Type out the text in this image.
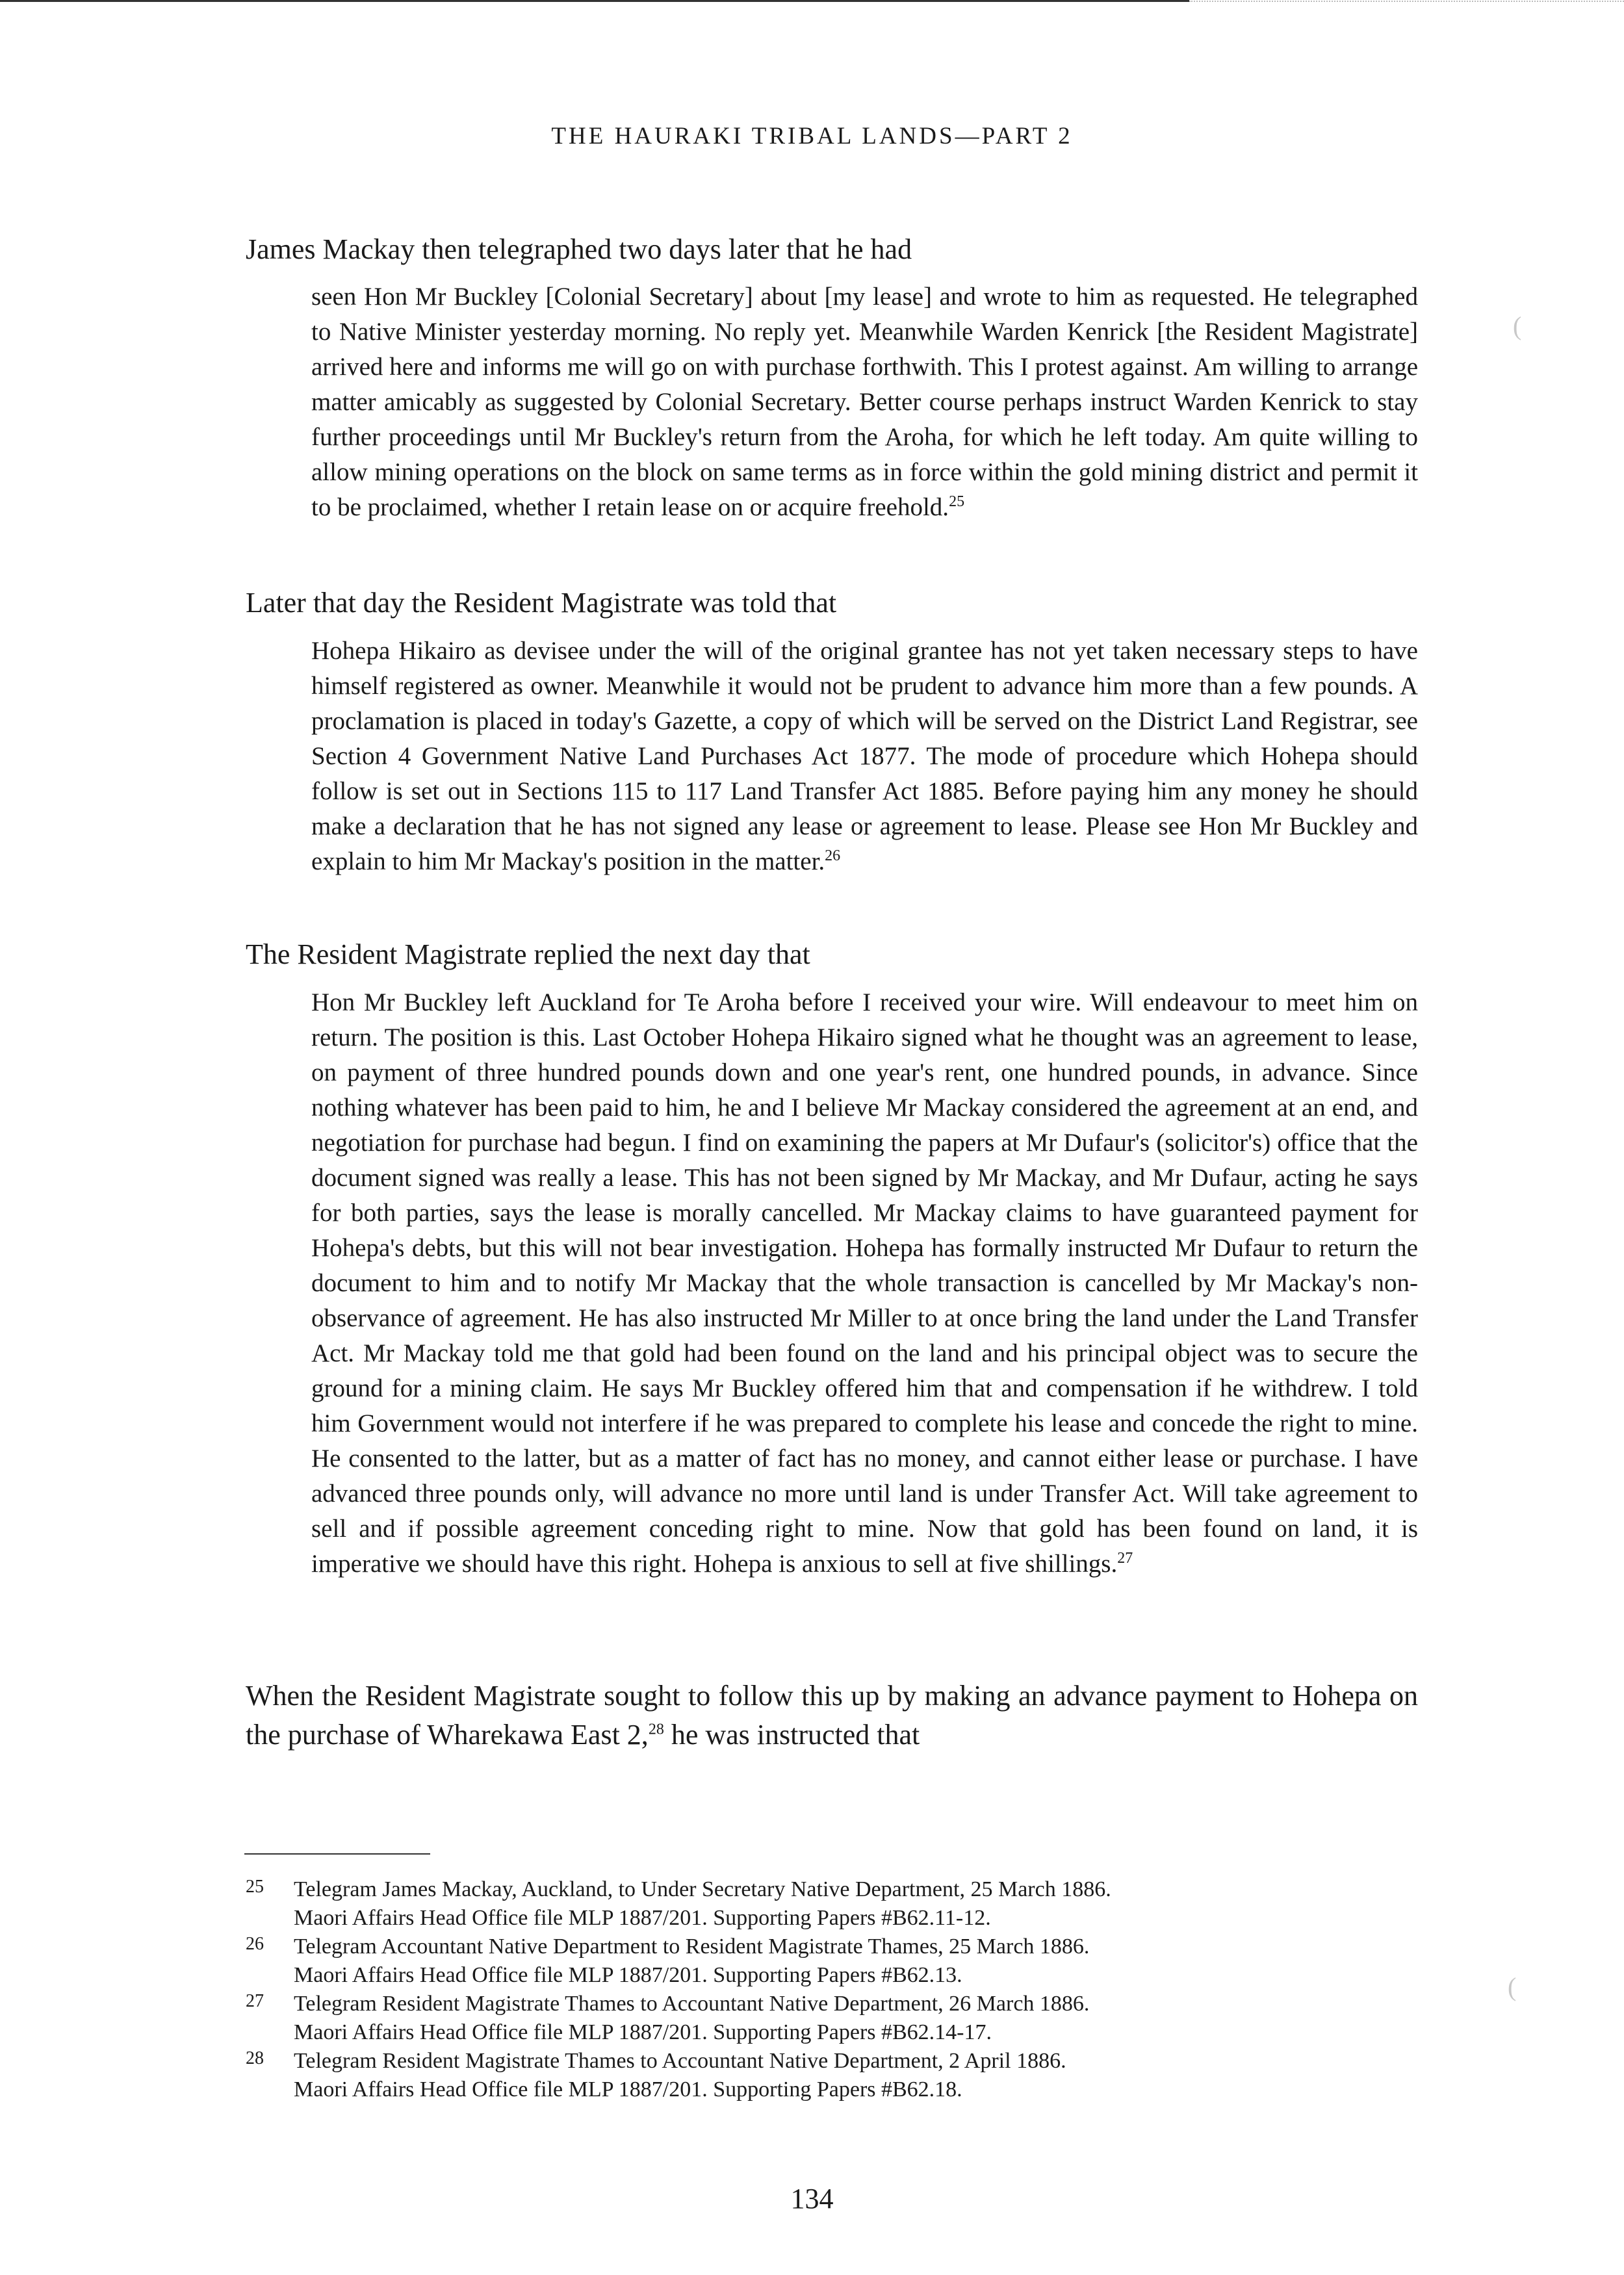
THE HAURAKI TRIBAL LANDS—PART 2

James Mackay then telegraphed two days later that he had

seen Hon Mr Buckley [Colonial Secretary] about [my lease] and wrote to him as requested. He telegraphed to Native Minister yesterday morning. No reply yet. Meanwhile Warden Kenrick [the Resident Magistrate] arrived here and informs me will go on with purchase forthwith. This I protest against. Am willing to arrange matter amicably as suggested by Colonial Secretary. Better course perhaps instruct Warden Kenrick to stay further proceedings until Mr Buckley's return from the Aroha, for which he left today. Am quite willing to allow mining operations on the block on same terms as in force within the gold mining district and permit it to be proclaimed, whether I retain lease on or acquire freehold.$^{25}$

Later that day the Resident Magistrate was told that

Hohepa Hikairo as devisee under the will of the original grantee has not yet taken necessary steps to have himself registered as owner. Meanwhile it would not be prudent to advance him more than a few pounds. A proclamation is placed in today's Gazette, a copy of which will be served on the District Land Registrar, see Section 4 Government Native Land Purchases Act 1877. The mode of procedure which Hohepa should follow is set out in Sections 115 to 117 Land Transfer Act 1885. Before paying him any money he should make a declaration that he has not signed any lease or agreement to lease. Please see Hon Mr Buckley and explain to him Mr Mackay's position in the matter.$^{26}$

The Resident Magistrate replied the next day that

Hon Mr Buckley left Auckland for Te Aroha before I received your wire. Will endeavour to meet him on return. The position is this. Last October Hohepa Hikairo signed what he thought was an agreement to lease, on payment of three hundred pounds down and one year's rent, one hundred pounds, in advance. Since nothing whatever has been paid to him, he and I believe Mr Mackay considered the agreement at an end, and negotiation for purchase had begun. I find on examining the papers at Mr Dufaur's (solicitor's) office that the document signed was really a lease. This has not been signed by Mr Mackay, and Mr Dufaur, acting he says for both parties, says the lease is morally cancelled. Mr Mackay claims to have guaranteed payment for Hohepa's debts, but this will not bear investigation. Hohepa has formally instructed Mr Dufaur to return the document to him and to notify Mr Mackay that the whole transaction is cancelled by Mr Mackay's non-observance of agreement. He has also instructed Mr Miller to at once bring the land under the Land Transfer Act. Mr Mackay told me that gold had been found on the land and his principal object was to secure the ground for a mining claim. He says Mr Buckley offered him that and compensation if he withdrew. I told him Government would not interfere if he was prepared to complete his lease and concede the right to mine. He consented to the latter, but as a matter of fact has no money, and cannot either lease or purchase. I have advanced three pounds only, will advance no more until land is under Transfer Act. Will take agreement to sell and if possible agreement conceding right to mine. Now that gold has been found on land, it is imperative we should have this right. Hohepa is anxious to sell at five shillings.$^{27}$

When the Resident Magistrate sought to follow this up by making an advance payment to Hohepa on the purchase of Wharekawa East 2,28 he was instructed that

25 Telegram James Mackay, Auckland, to Under Secretary Native Department, 25 March 1886.
Maori Affairs Head Office file MLP 1887/201. Supporting Papers #B62.11-12.
26 Telegram Accountant Native Department to Resident Magistrate Thames, 25 March 1886.
Maori Affairs Head Office file MLP 1887/201. Supporting Papers #B62.13.
27 Telegram Resident Magistrate Thames to Accountant Native Department, 26 March 1886.
Maori Affairs Head Office file MLP 1887/201. Supporting Papers #B62.14-17.
28 Telegram Resident Magistrate Thames to Accountant Native Department, 2 April 1886.
Maori Affairs Head Office file MLP 1887/201. Supporting Papers #B62.18.
134
(
(
